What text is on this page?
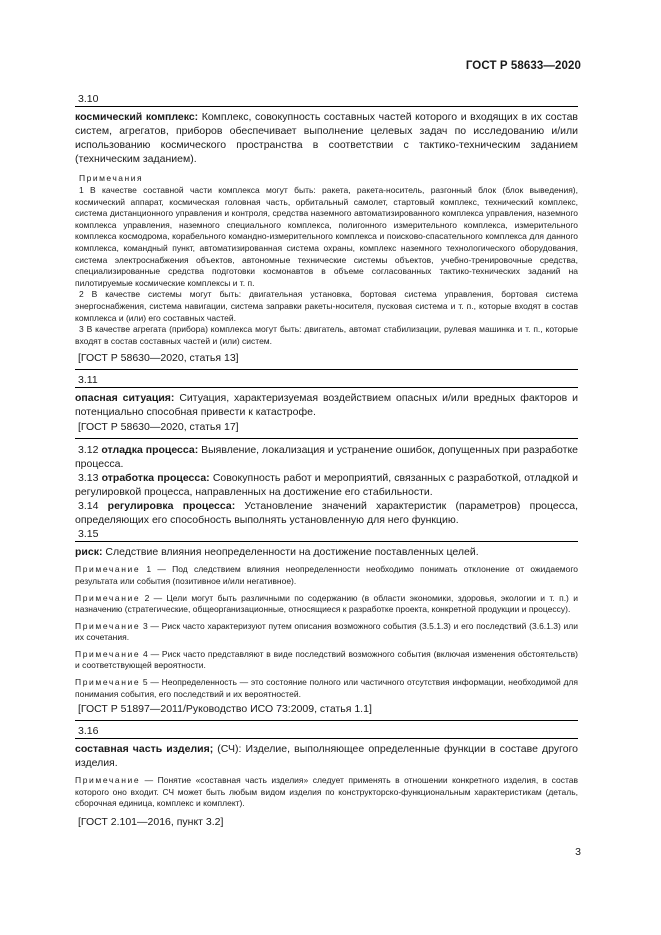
ГОСТ Р 58633—2020
3.10

космический комплекс: Комплекс, совокупность составных частей которого и входящих в их состав систем, агрегатов, приборов обеспечивает выполнение целевых задач по исследованию и/или использованию космического пространства в соответствии с тактико-техническим заданием (техническим заданием).

Примечания

1 В качестве составной части комплекса могут быть: ракета, ракета-носитель, разгонный блок (блок выведения), космический аппарат, космическая головная часть, орбитальный самолет, стартовый комплекс, технический комплекс, система дистанционного управления и контроля, средства наземного автоматизированного комплекса управления, наземного комплекса управления, наземного специального комплекса, полигонного измерительного комплекса, измерительного комплекса космодрома, корабельного командно-измерительного комплекса и поисково-спасательного комплекса для данного комплекса, командный пункт, автоматизированная система охраны, комплекс наземного технологического оборудования, система электроснабжения объектов, автономные технические системы объектов, учебно-тренировочные средства, специализированные средства подготовки космонавтов в объеме согласованных тактико-технических заданий на пилотируемые космические комплексы и т. п.

2 В качестве системы могут быть: двигательная установка, бортовая система управления, бортовая система энергоснабжения, система навигации, система заправки ракеты-носителя, пусковая система и т. п., которые входят в состав комплекса и (или) его составных частей.

3 В качестве агрегата (прибора) комплекса могут быть: двигатель, автомат стабилизации, рулевая машинка и т. п., которые входят в состав составных частей и (или) систем.

[ГОСТ Р 58630—2020, статья 13]
3.11

опасная ситуация: Ситуация, характеризуемая воздействием опасных и/или вредных факторов и потенциально способная привести к катастрофе.

[ГОСТ Р 58630—2020, статья 17]

3.12 отладка процесса: Выявление, локализация и устранение ошибок, допущенных при разработке процесса.

3.13 отработка процесса: Совокупность работ и мероприятий, связанных с разработкой, отладкой и регулировкой процесса, направленных на достижение его стабильности.

3.14 регулировка процесса: Установление значений характеристик (параметров) процесса, определяющих его способность выполнять установленную для него функцию.

3.15

риск: Следствие влияния неопределенности на достижение поставленных целей.

Примечание 1 — Под следствием влияния неопределенности необходимо понимать отклонение от ожидаемого результата или события (позитивное и/или негативное).

Примечание 2 — Цели могут быть различными по содержанию (в области экономики, здоровья, экологии и т. п.) и назначению (стратегические, общеорганизационные, относящиеся к разработке проекта, конкретной продукции и процессу).

Примечание 3 — Риск часто характеризуют путем описания возможного события (3.5.1.3) и его последствий (3.6.1.3) или их сочетания.

Примечание 4 — Риск часто представляют в виде последствий возможного события (включая изменения обстоятельств) и соответствующей вероятности.

Примечание 5 — Неопределенность — это состояние полного или частичного отсутствия информации, необходимой для понимания события, его последствий и их вероятностей.

[ГОСТ Р 51897—2011/Руководство ИСО 73:2009, статья 1.1]
3.16

составная часть изделия; (СЧ): Изделие, выполняющее определенные функции в составе другого изделия.

Примечание — Понятие «составная часть изделия» следует применять в отношении конкретного изделия, в состав которого оно входит. СЧ может быть любым видом изделия по конструкторско-функциональным характеристикам (деталь, сборочная единица, комплекс и комплект).

[ГОСТ 2.101—2016, пункт 3.2]
3
